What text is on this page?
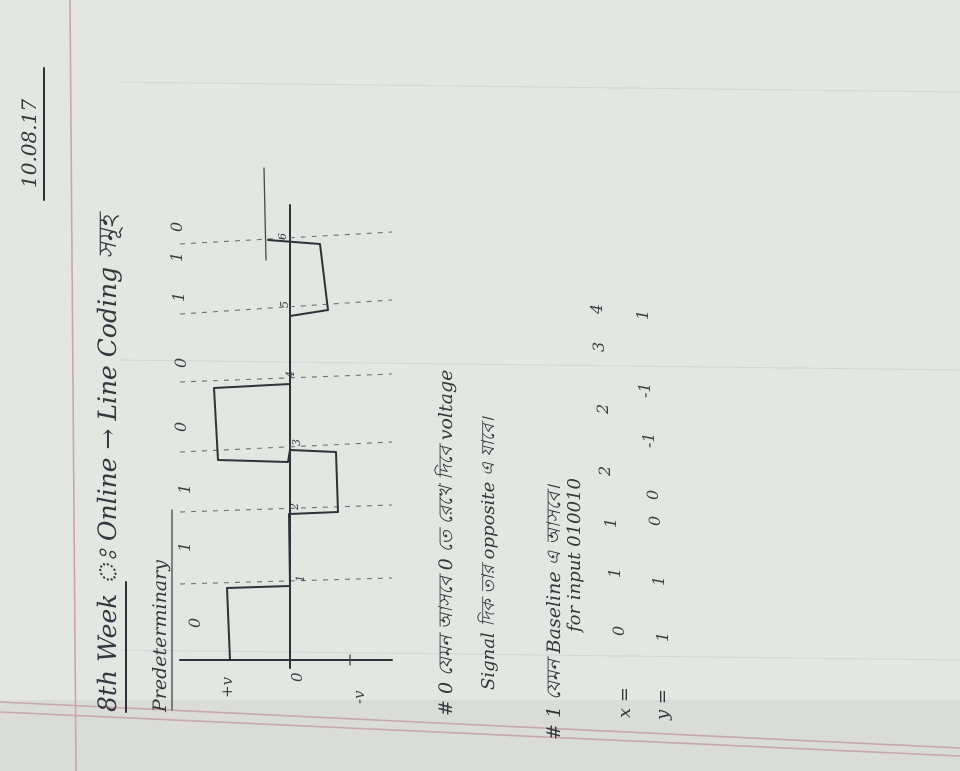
10.08.17
8th Week ঃ Online → Line Coding সমূহ Predeterminary	+v	0
-v
0
1
1
0
0
1
1
0
1
2
3
4
5
6
# 0 যেমন আসবে 0 তে রেখে দিবে voltage Signal দিক তার opposite এ যাবে। # 1 যেমন Baseline এ আসবে। for input 010010
x =
0
1
1
2
2
3
4
y =
1
1
0
0
-1
-1
1
